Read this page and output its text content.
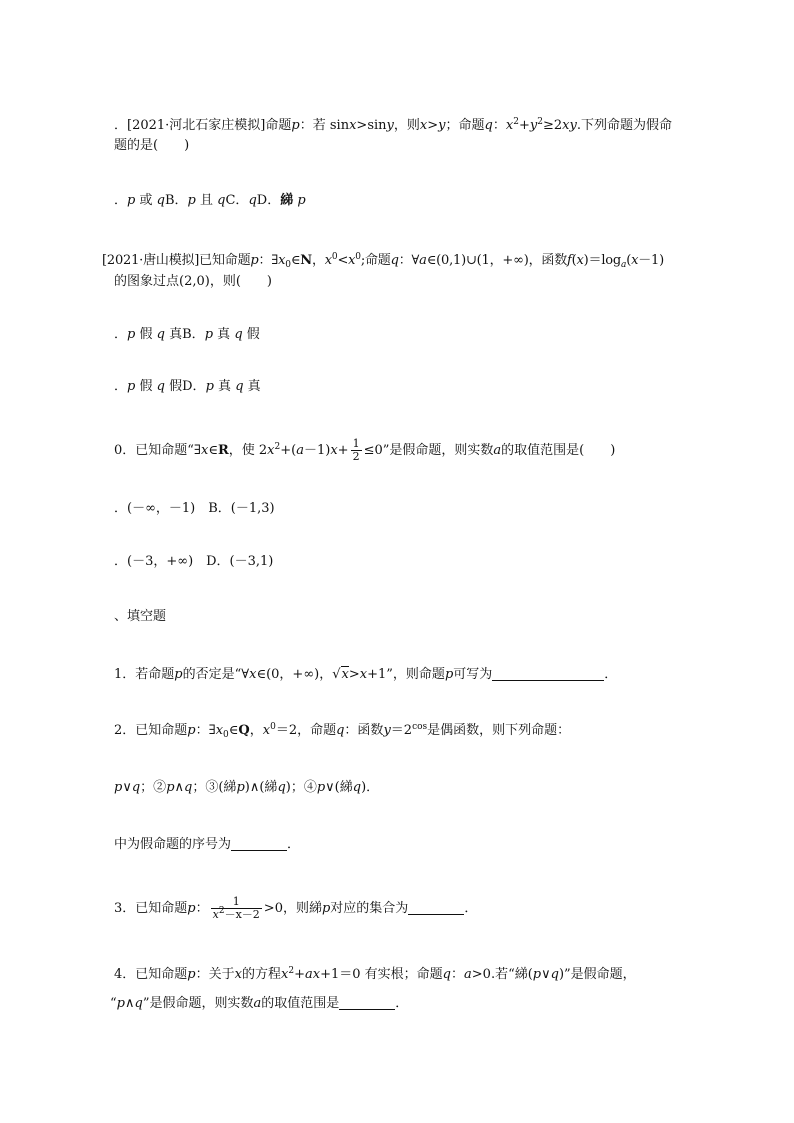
．[2021·河北石家庄模拟]命题p：若 sinx>siny，则x>y；命题q：$x^2+y^2\ge 2xy$.下列命题为假命
题的是(　　)
．p 或 qB．p 且 qC．qD．綈 p
[2021·唐山模拟]已知命题p：$\exists x_0\in N$，$x^0<x^0$;命题q：∀a∈(0,1)∪(1，+∞)，函数$f(x)=\log_a(x-1)$
的图象过点(2,0)，则(　　)
．p 假 q 真B．p 真 q 假
．p 假 q 假D．p 真 q 真
0．已知命题“∃x∈R，使 $2x^2+(a-1)x+ \frac{1}{2} \le 0$”是假命题，则实数a的取值范围是(　　)
．(－∞，－1)　B．(－1,3)
．(－3，+∞)　D．(－3,1)
、填空题
1．若命题p的否定是“∀x∈(0，+∞)，√x>x+1”，则命题p可写为	．
2．已知命题p：$\exists x_0\in Q$，$x^0=2$，命题q：函数$y=2^{cos}$是偶函数，则下列命题：
p∨q；②p∧q；③(綈p)∧(綈q)；④p∨(綈q)．
中为假命题的序号为	．
3．已知命题p： $\frac{1}{x^2-x-2} >0$，则綈p对应的集合为	．
4．已知命题p：关于x的方程$x^2+ax+1=0$ 有实根；命题q：a>0.若“綈(p∨q)”是假命题，
“p∧q”是假命题，则实数a的取值范围是	．
